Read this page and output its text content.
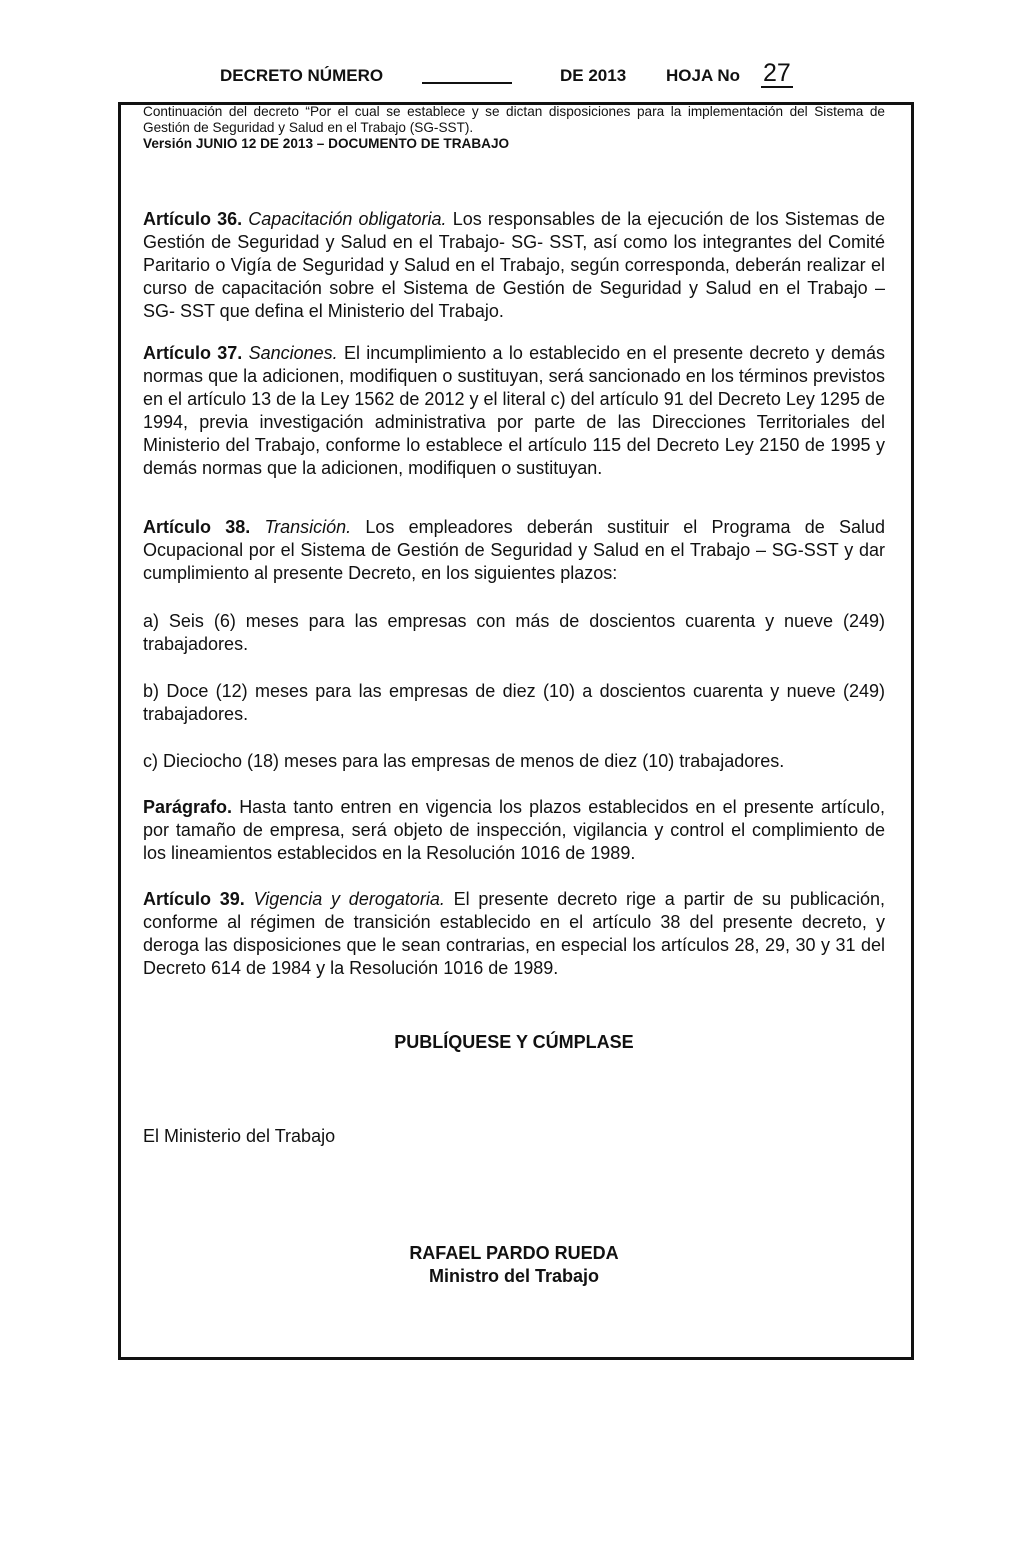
DECRETO NÚMERO	DE 2013 HOJA No 27

Continuación del decreto “Por el cual se establece y se dictan disposiciones para la implementación del Sistema de Gestión de Seguridad y Salud en el Trabajo (SG-SST).

Versión JUNIO 12 DE 2013 – DOCUMENTO DE TRABAJO

Artículo 36. Capacitación obligatoria. Los responsables de la ejecución de los Sistemas de Gestión de Seguridad y Salud en el Trabajo- SG- SST, así como los integrantes del Comité Paritario o Vigía de Seguridad y Salud en el Trabajo, según corresponda, deberán realizar el curso de capacitación sobre el Sistema de Gestión de Seguridad y Salud en el Trabajo – SG- SST que defina el Ministerio del Trabajo.

Artículo 37. Sanciones. El incumplimiento a lo establecido en el presente decreto y demás normas que la adicionen, modifiquen o sustituyan, será sancionado en los términos previstos en el artículo 13 de la Ley 1562 de 2012 y el literal c) del artículo 91 del Decreto Ley 1295 de 1994, previa investigación administrativa por parte de las Direcciones Territoriales del Ministerio del Trabajo, conforme lo establece el artículo 115 del Decreto Ley 2150 de 1995 y demás normas que la adicionen, modifiquen o sustituyan.

Artículo 38. Transición. Los empleadores deberán sustituir el Programa de Salud Ocupacional por el Sistema de Gestión de Seguridad y Salud en el Trabajo – SG-SST y dar cumplimiento al presente Decreto, en los siguientes plazos:

a) Seis (6) meses para las empresas con más de doscientos cuarenta y nueve (249) trabajadores.

b) Doce (12) meses para las empresas de diez (10) a doscientos cuarenta y nueve (249) trabajadores.

c) Dieciocho (18) meses para las empresas de menos de diez (10) trabajadores.

Parágrafo. Hasta tanto entren en vigencia los plazos establecidos en el presente artículo, por tamaño de empresa, será objeto de inspección, vigilancia y control el complimiento de los lineamientos establecidos en la Resolución 1016 de 1989.

Artículo 39. Vigencia y derogatoria. El presente decreto rige a partir de su publicación, conforme al régimen de transición establecido en el artículo 38 del presente decreto, y deroga las disposiciones que le sean contrarias, en especial los artículos 28, 29, 30 y 31 del Decreto 614 de 1984 y la Resolución 1016 de 1989.

PUBLÍQUESE Y CÚMPLASE
El Ministerio del Trabajo
RAFAEL PARDO RUEDA
Ministro del Trabajo
